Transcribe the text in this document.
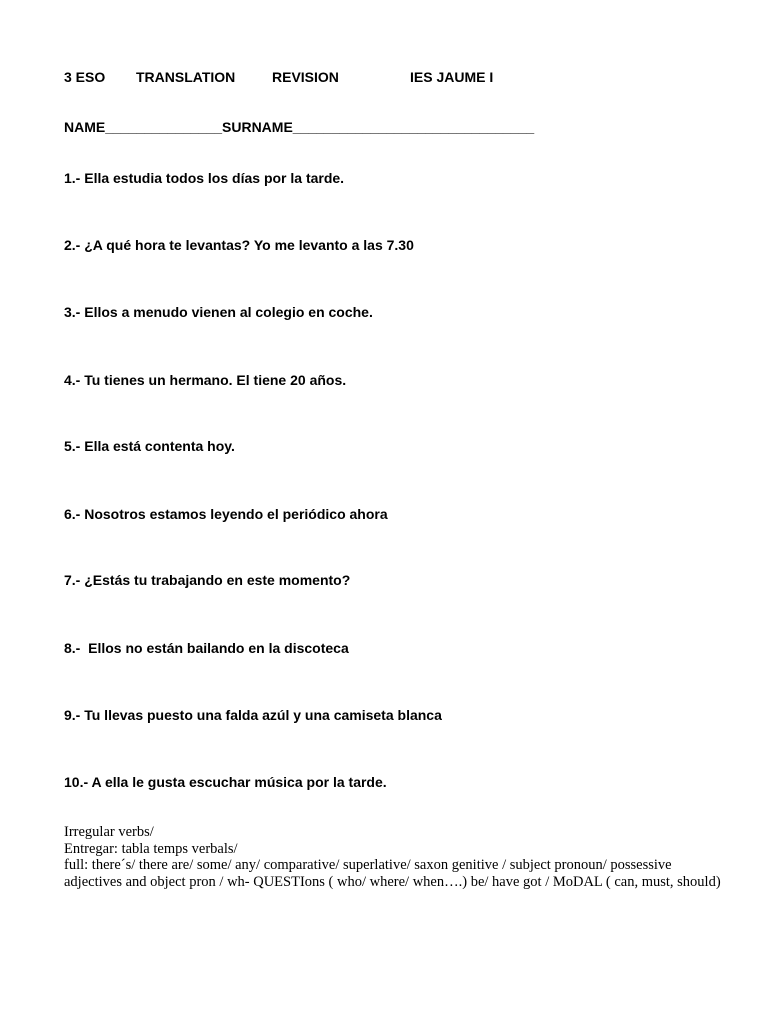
3 ESO TRANSLATION	REVISION	IES JAUME I
NAME_______________SURNAME_______________________________
1.- Ella estudia todos los días por la tarde.
2.- ¿A qué hora te levantas? Yo me levanto a las 7.30
3.- Ellos a menudo vienen al colegio en coche.
4.- Tu tienes un hermano. El tiene 20 años.
5.- Ella está contenta hoy.
6.- Nosotros estamos leyendo el periódico ahora
7.- ¿Estás tu trabajando en este momento?
8.-  Ellos no están bailando en la discoteca
9.- Tu llevas puesto una falda azúl y una camiseta blanca
10.- A ella le gusta escuchar música por la tarde.
Irregular verbs/
Entregar: tabla temps verbals/
full: there´s/ there are/ some/ any/ comparative/ superlative/ saxon genitive / subject pronoun/ possessive adjectives and object pron / wh- QUESTIons ( who/ where/ when….) be/ have got / MoDAL ( can, must, should)
